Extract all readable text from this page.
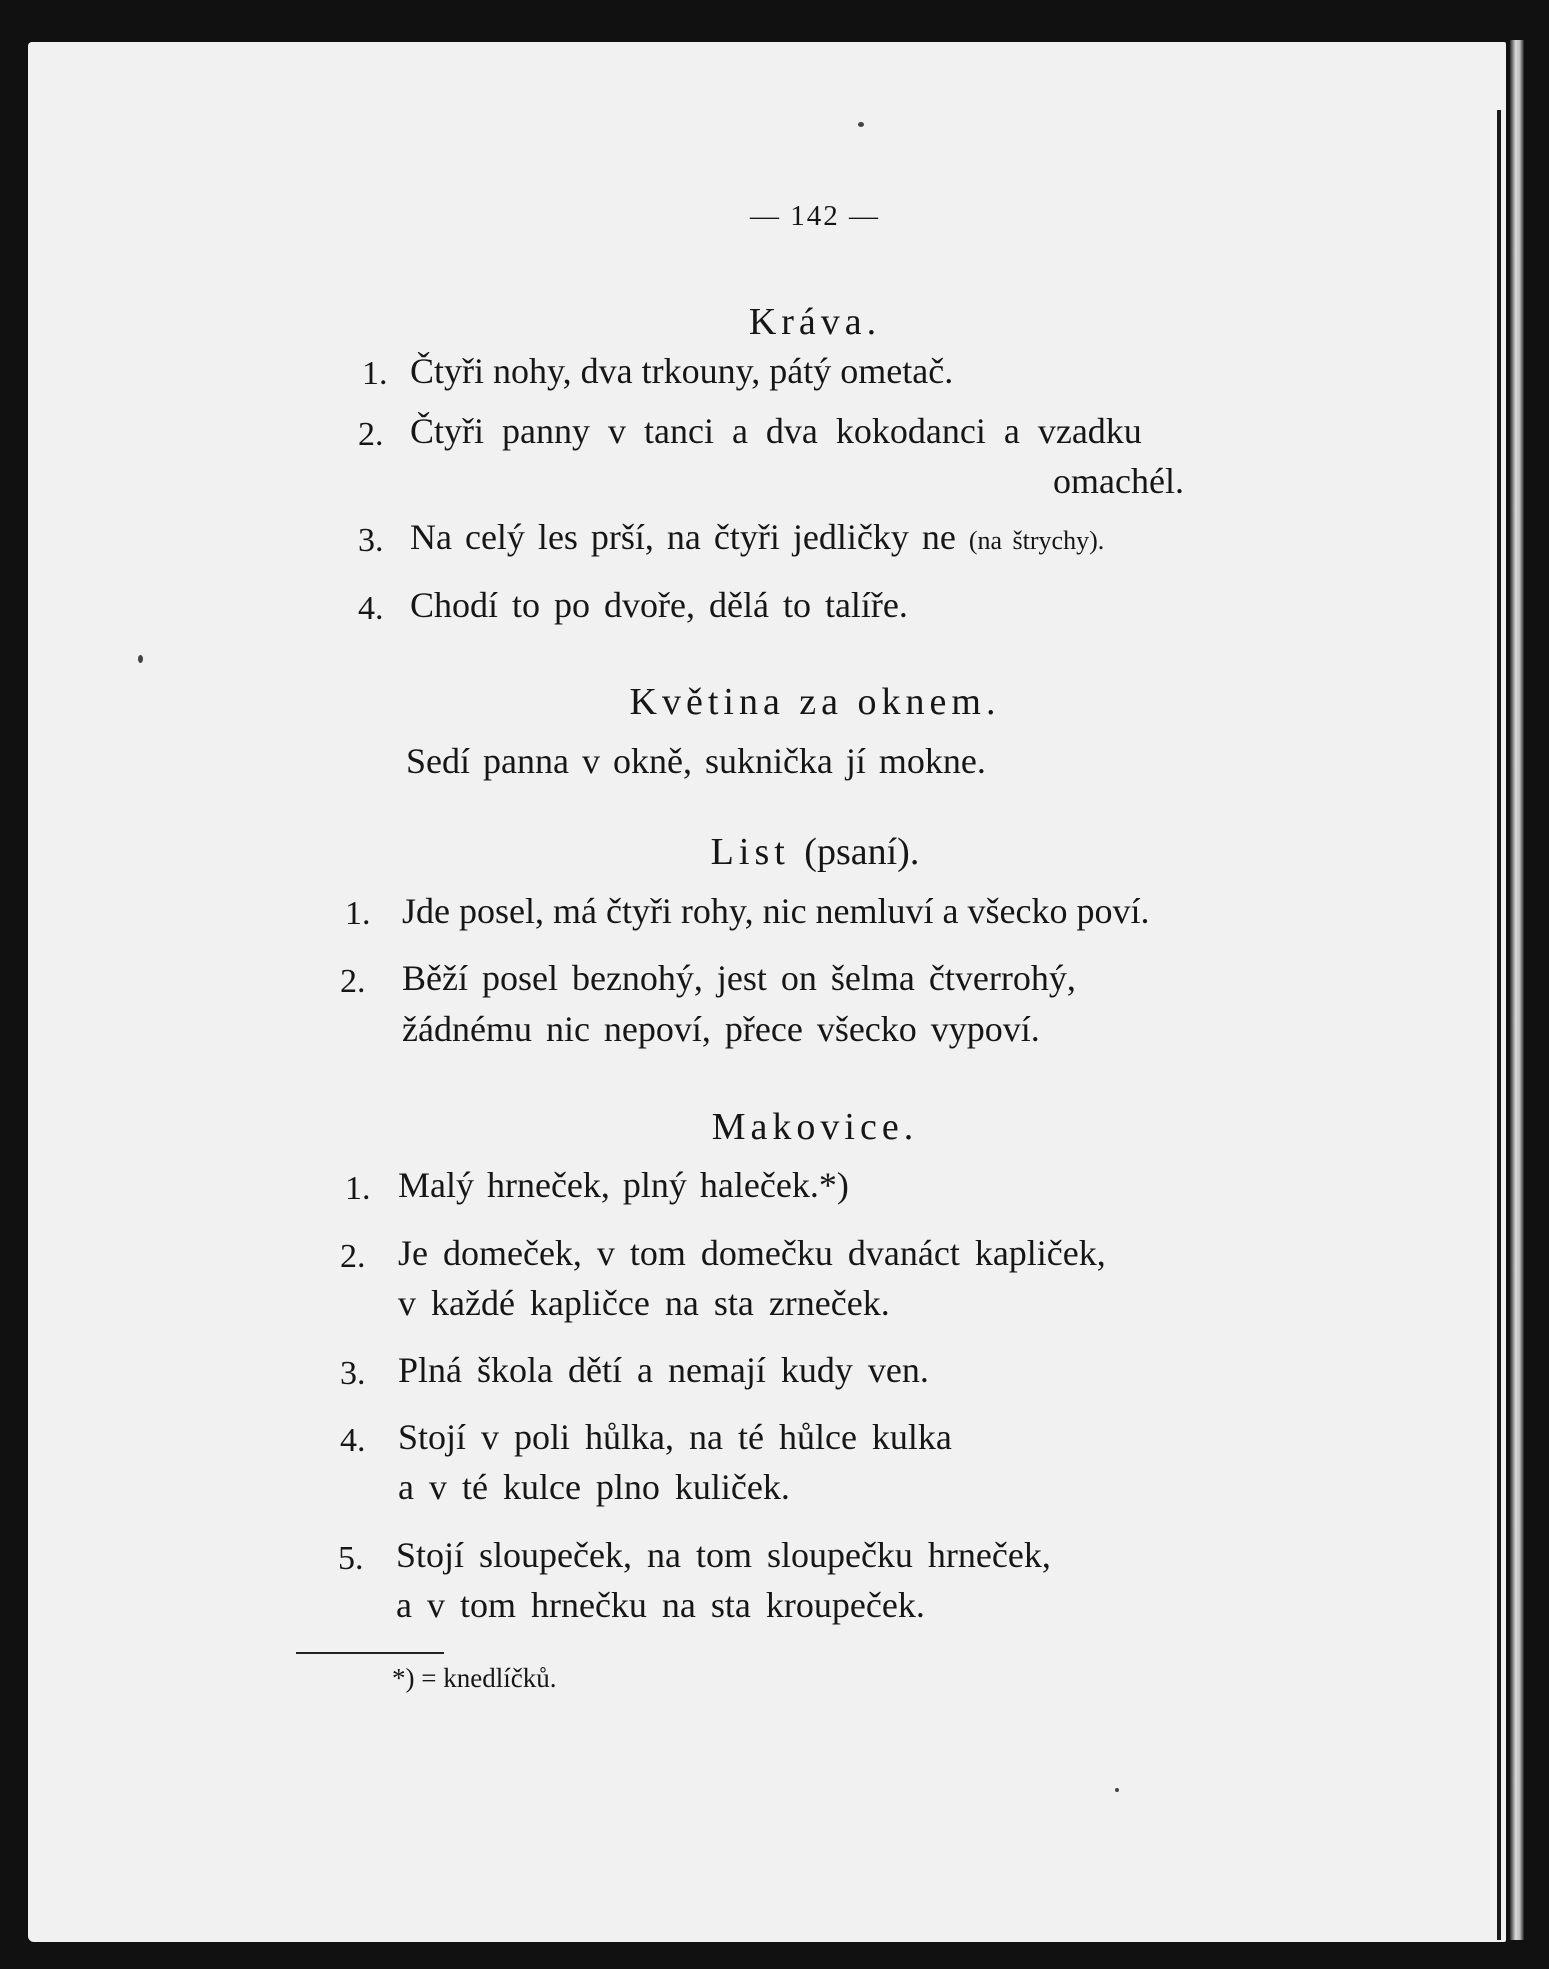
— 142 —
Kráva.
1. Čtyři nohy, dva trkouny, pátý ometač.
2. Čtyři panny v tanci a dva kokodanci a vzadku
omachél.
3. Na celý les prší, na čtyři jedličky ne (na štrychy).
4. Chodí to po dvoře, dělá to talíře.
Květina za oknem.
Sedí panna v okně, suknička jí mokne.
List (psaní).
1. Jde posel, má čtyři rohy, nic nemluví a všecko poví.
2. Běží posel beznohý, jest on šelma čtverrohý,
žádnému nic nepoví, přece všecko vypoví.
Makovice.
1. Malý hrneček, plný haleček.*)
2. Je domeček, v tom domečku dvanáct kapliček,
v každé kapličce na sta zrneček.
3. Plná škola dětí a nemají kudy ven.
4. Stojí v poli hůlka, na té hůlce kulka
a v té kulce plno kuliček.
5. Stojí sloupeček, na tom sloupečku hrneček,
a v tom hrnečku na sta kroupeček.
*) = knedlíčků.
